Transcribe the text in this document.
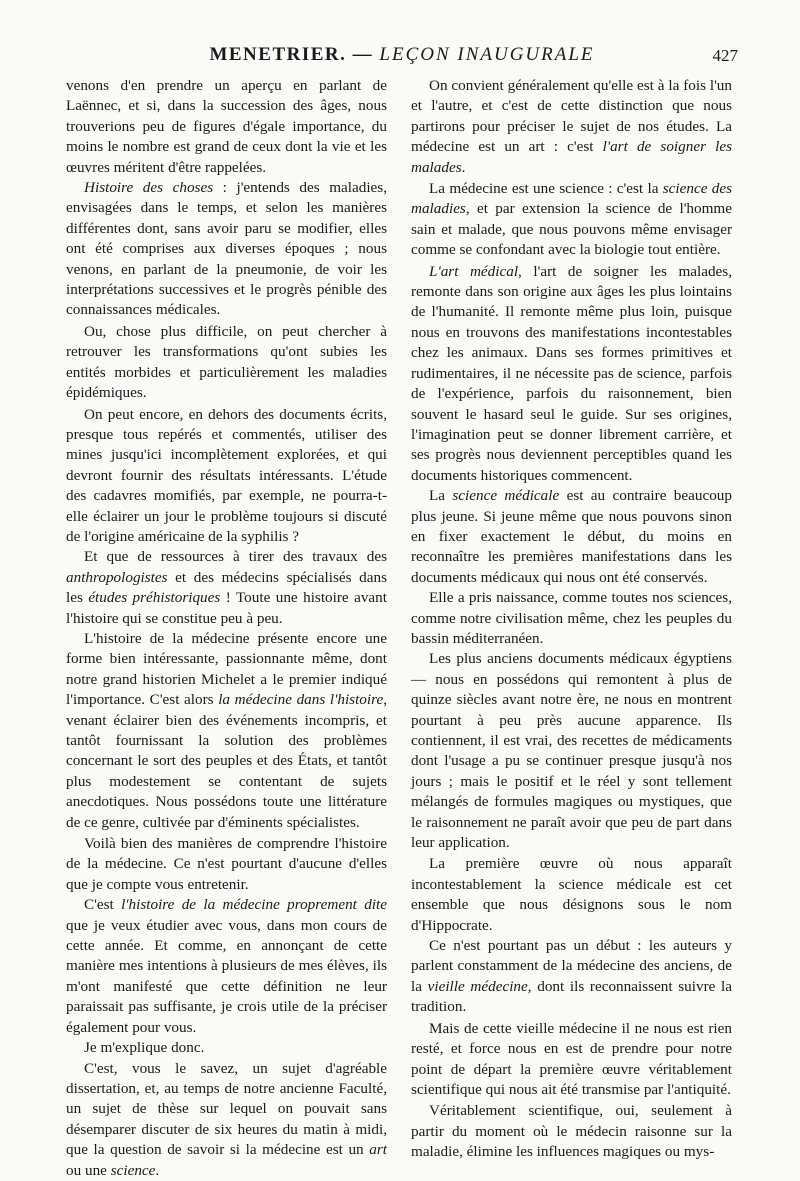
MENETRIER. — LEÇON INAUGURALE	427

venons d'en prendre un aperçu en parlant de Laënnec, et si, dans la succession des âges, nous trouverions peu de figures d'égale importance, du moins le nombre est grand de ceux dont la vie et les œuvres méritent d'être rappelées.

Histoire des choses : j'entends des maladies, envisagées dans le temps, et selon les manières différentes dont, sans avoir paru se modifier, elles ont été comprises aux diverses époques ; nous venons, en parlant de la pneumonie, de voir les interprétations successives et le progrès pénible des connaissances médicales.

Ou, chose plus difficile, on peut chercher à retrouver les transformations qu'ont subies les entités morbides et particulièrement les maladies épidémiques.

On peut encore, en dehors des documents écrits, presque tous repérés et commentés, utiliser des mines jusqu'ici incomplètement explorées, et qui devront fournir des résultats intéressants. L'étude des cadavres momifiés, par exemple, ne pourra-t-elle éclairer un jour le problème toujours si discuté de l'origine américaine de la syphilis ?

Et que de ressources à tirer des travaux des anthropologistes et des médecins spécialisés dans les études préhistoriques ! Toute une histoire avant l'histoire qui se constitue peu à peu.

L'histoire de la médecine présente encore une forme bien intéressante, passionnante même, dont notre grand historien Michelet a le premier indiqué l'importance. C'est alors la médecine dans l'histoire, venant éclairer bien des événements incompris, et tantôt fournissant la solution des problèmes concernant le sort des peuples et des États, et tantôt plus modestement se contentant de sujets anecdotiques. Nous possédons toute une littérature de ce genre, cultivée par d'éminents spécialistes.

Voilà bien des manières de comprendre l'histoire de la médecine. Ce n'est pourtant d'aucune d'elles que je compte vous entretenir.

C'est l'histoire de la médecine proprement dite que je veux étudier avec vous, dans mon cours de cette année. Et comme, en annonçant de cette manière mes intentions à plusieurs de mes élèves, ils m'ont manifesté que cette définition ne leur paraissait pas suffisante, je crois utile de la préciser également pour vous.

Je m'explique donc.

C'est, vous le savez, un sujet d'agréable dissertation, et, au temps de notre ancienne Faculté, un sujet de thèse sur lequel on pouvait sans désemparer discuter de six heures du matin à midi, que la question de savoir si la médecine est un art ou une science.

On convient généralement qu'elle est à la fois l'un et l'autre, et c'est de cette distinction que nous partirons pour préciser le sujet de nos études. La médecine est un art : c'est l'art de soigner les malades.

La médecine est une science : c'est la science des maladies, et par extension la science de l'homme sain et malade, que nous pouvons même envisager comme se confondant avec la biologie tout entière.

L'art médical, l'art de soigner les malades, remonte dans son origine aux âges les plus lointains de l'humanité. Il remonte même plus loin, puisque nous en trouvons des manifestations incontestables chez les animaux. Dans ses formes primitives et rudimentaires, il ne nécessite pas de science, parfois de l'expérience, parfois du raisonnement, bien souvent le hasard seul le guide. Sur ses origines, l'imagination peut se donner librement carrière, et ses progrès nous deviennent perceptibles quand les documents historiques commencent.

La science médicale est au contraire beaucoup plus jeune. Si jeune même que nous pouvons sinon en fixer exactement le début, du moins en reconnaître les premières manifestations dans les documents médicaux qui nous ont été conservés.

Elle a pris naissance, comme toutes nos sciences, comme notre civilisation même, chez les peuples du bassin méditerranéen.

Les plus anciens documents médicaux égyptiens — nous en possédons qui remontent à plus de quinze siècles avant notre ère, ne nous en montrent pourtant à peu près aucune apparence. Ils contiennent, il est vrai, des recettes de médicaments dont l'usage a pu se continuer presque jusqu'à nos jours ; mais le positif et le réel y sont tellement mélangés de formules magiques ou mystiques, que le raisonnement ne paraît avoir que peu de part dans leur application.

La première œuvre où nous apparaît incontestablement la science médicale est cet ensemble que nous désignons sous le nom d'Hippocrate.

Ce n'est pourtant pas un début : les auteurs y parlent constamment de la médecine des anciens, de la vieille médecine, dont ils reconnaissent suivre la tradition.

Mais de cette vieille médecine il ne nous est rien resté, et force nous en est de prendre pour notre point de départ la première œuvre véritablement scientifique qui nous ait été transmise par l'antiquité.

Véritablement scientifique, oui, seulement à partir du moment où le médecin raisonne sur la maladie, élimine les influences magiques ou mys-
